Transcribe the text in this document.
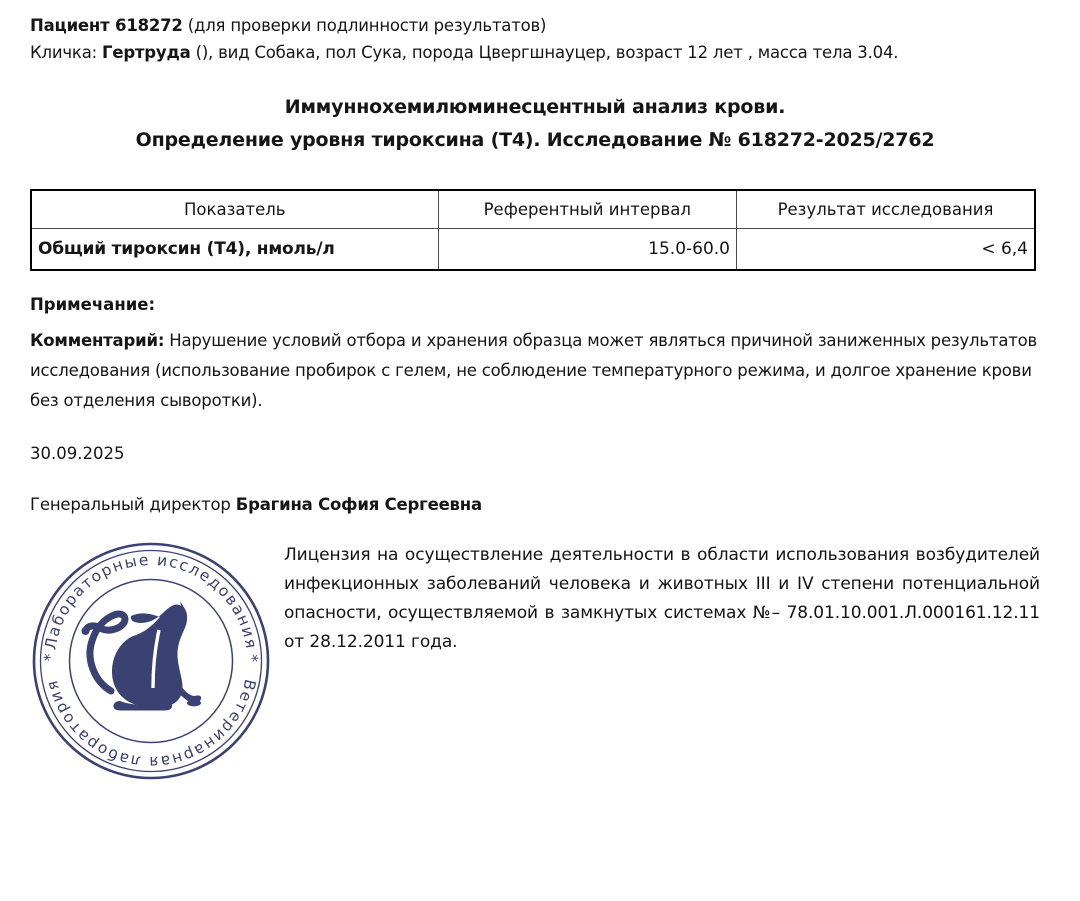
Пациент 618272 (для проверки подлинности результатов)
Кличка: Гертруда (), вид Собака, пол Сука, порода Цвергшнауцер, возраст 12 лет , масса тела 3.04.
Иммуннохемилюминесцентный анализ крови.
Определение уровня тироксина (Т4). Исследование № 618272-2025/2762
Показатель	Референтный интервал	Результат исследования
Общий тироксин (Т4), нмоль/л	15.0-60.0	< 6,4
Примечание:
Комментарий: Нарушение условий отбора и хранения образца может являться причиной заниженных результатов исследования (использование пробирок с гелем, не соблюдение температурного режима, и долгое хранение крови без отделения сыворотки).
30.09.2025
Генеральный директор Брагина София Сергеевна
Лабораторные исследования
Ветеринарная лаборатория
*	*
Лицензия на осуществление деятельности в области использования возбудителей инфекционных заболеваний человека и животных III и IV степени потенциальной опасности, осуществляемой в замкнутых системах №– 78.01.10.001.Л.000161.12.11 от 28.12.2011 года.
